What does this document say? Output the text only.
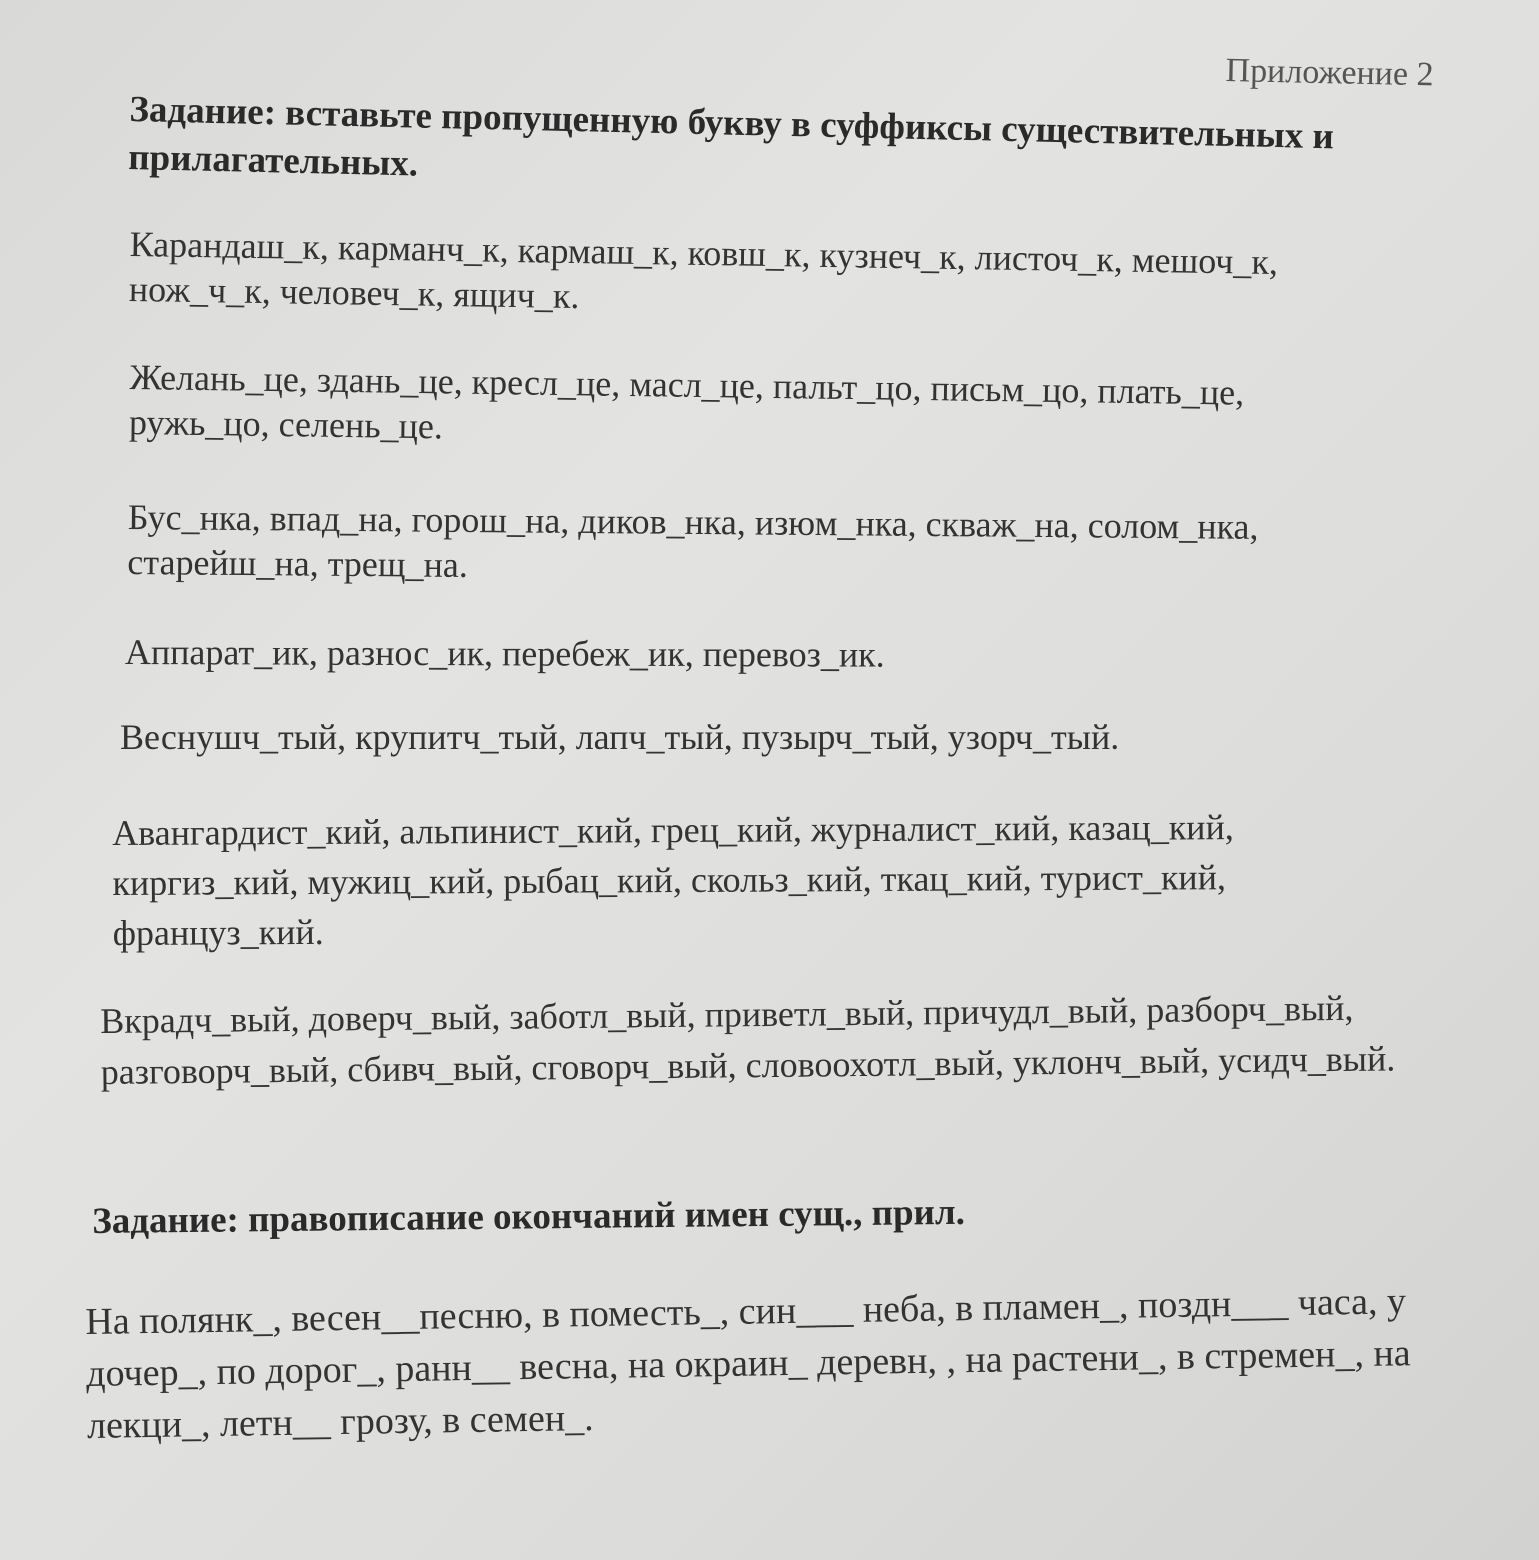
Приложение 2
Задание: вставьте пропущенную букву в суффиксы существительных и прилагательных.
Карандаш_к, карманч_к, кармаш_к, ковш_к, кузнеч_к, листоч_к, мешоч_к, нож_ч_к, человеч_к, ящич_к.
Желань_це, здань_це, кресл_це, масл_це, пальт_цо, письм_цо, плать_це, ружь_цо, селень_це.
Бус_нка, впад_на, горош_на, диков_нка, изюм_нка, скваж_на, солом_нка, старейш_на, трещ_на.
Аппарат_ик, разнос_ик, перебеж_ик, перевоз_ик.
Веснушч_тый, крупитч_тый, лапч_тый, пузырч_тый, узорч_тый.
Авангардист_кий, альпинист_кий, грец_кий, журналист_кий, казац_кий, киргиз_кий, мужиц_кий, рыбац_кий, скольз_кий, ткац_кий, турист_кий, француз_кий.
Вкрадч_вый, доверч_вый, заботл_вый, приветл_вый, причудл_вый, разборч_вый, разговорч_вый, сбивч_вый, сговорч_вый, словоохотл_вый, уклонч_вый, усидч_вый.
Задание: правописание окончаний имен сущ., прил.
На полянк_, весен__песню, в поместь_, син___ неба, в пламен_, поздн___ часа, у дочер_, по дорог_, ранн__ весна, на окраин_ деревн, , на растени_, в стремен_, на лекци_, летн__ грозу, в семен_.
